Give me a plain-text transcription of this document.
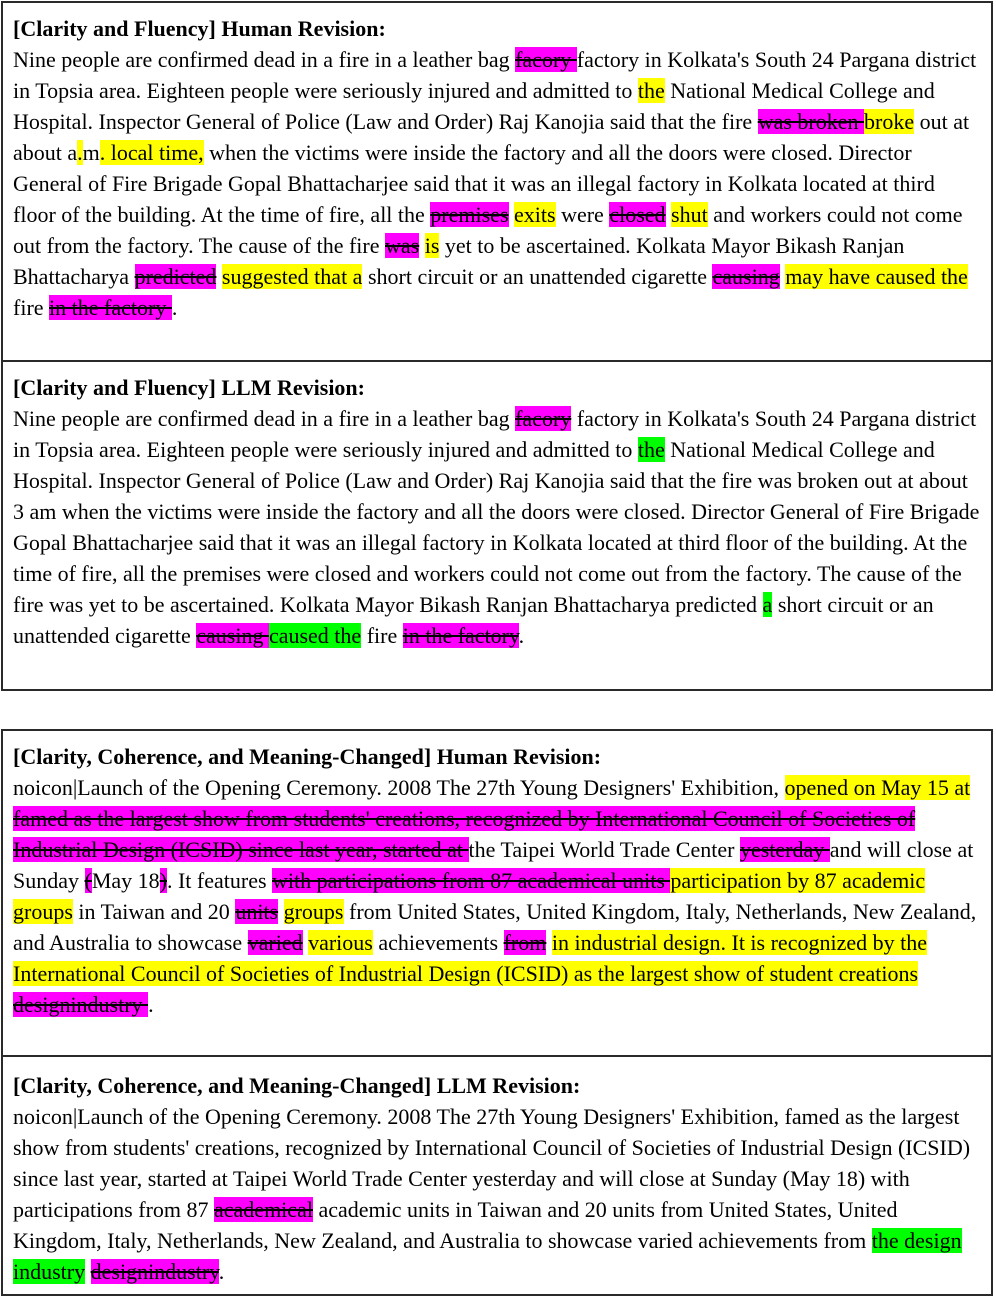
[Clarity and Fluency] Human Revision:
Nine people are confirmed dead in a fire in a leather bag facory factory in Kolkata's South 24 Pargana district in Topsia area. Eighteen people were seriously injured and admitted to the National Medical College and Hospital. Inspector General of Police (Law and Order) Raj Kanojia said that the fire was broken broke out at about a.m. local time, when the victims were inside the factory and all the doors were closed. Director General of Fire Brigade Gopal Bhattacharjee said that it was an illegal factory in Kolkata located at third floor of the building. At the time of fire, all the premises exits were closed shut and workers could not come out from the factory. The cause of the fire was is yet to be ascertained. Kolkata Mayor Bikash Ranjan Bhattacharya predicted suggested that a short circuit or an unattended cigarette causing may have caused the fire in the factory .
[Clarity and Fluency] LLM Revision:
Nine people are confirmed dead in a fire in a leather bag facory factory in Kolkata's South 24 Pargana district in Topsia area. Eighteen people were seriously injured and admitted to the National Medical College and Hospital. Inspector General of Police (Law and Order) Raj Kanojia said that the fire was broken out at about 3 am when the victims were inside the factory and all the doors were closed. Director General of Fire Brigade Gopal Bhattacharjee said that it was an illegal factory in Kolkata located at third floor of the building. At the time of fire, all the premises were closed and workers could not come out from the factory. The cause of the fire was yet to be ascertained. Kolkata Mayor Bikash Ranjan Bhattacharya predicted a short circuit or an unattended cigarette causing caused the fire in the factory.
[Clarity, Coherence, and Meaning-Changed] Human Revision:
noicon|Launch of the Opening Ceremony. 2008 The 27th Young Designers' Exhibition, opened on May 15 at famed as the largest show from students' creations, recognized by International Council of Societies of Industrial Design (ICSID) since last year, started at the Taipei World Trade Center yesterday and will close at Sunday (May 18). It features with participations from 87 academical units participation by 87 academic groups in Taiwan and 20 units groups from United States, United Kingdom, Italy, Netherlands, New Zealand, and Australia to showcase varied various achievements from in industrial design. It is recognized by the International Council of Societies of Industrial Design (ICSID) as the largest show of student creations designindustry .
[Clarity, Coherence, and Meaning-Changed] LLM Revision:
noicon|Launch of the Opening Ceremony. 2008 The 27th Young Designers' Exhibition, famed as the largest show from students' creations, recognized by International Council of Societies of Industrial Design (ICSID) since last year, started at Taipei World Trade Center yesterday and will close at Sunday (May 18) with participations from 87 academical academic units in Taiwan and 20 units from United States, United Kingdom, Italy, Netherlands, New Zealand, and Australia to showcase varied achievements from the design industry designindustry.
